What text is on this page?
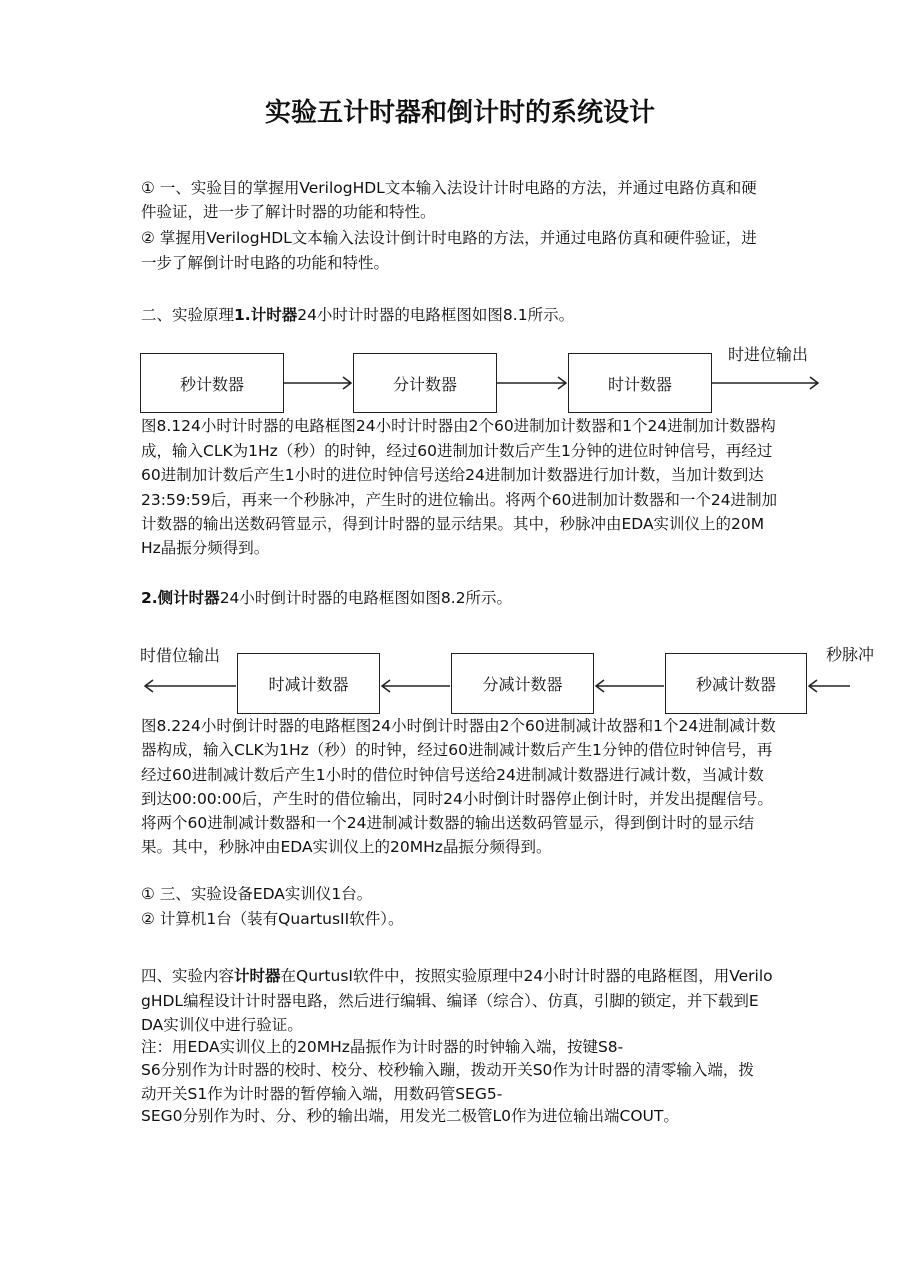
实验五计时器和倒计时的系统设计
① 一、实验目的掌握用VerilogHDL文本输入法设计计时电路的方法，并通过电路仿真和硬
件验证，进一步了解计时器的功能和特性。
② 掌握用VerilogHDL文本输入法设计倒计时电路的方法，并通过电路仿真和硬件验证，进
一步了解倒计时电路的功能和特性。
二、实验原理1.计时器24小时计时器的电路框图如图8.1所示。
秒计数器	分计数器	时计数器
时进位输出
图8.124小时计时器的电路框图24小时计时器由2个60进制加计数器和1个24进制加计数器构
成，输入CLK为1Hz（秒）的时钟，经过60进制加计数后产生1分钟的进位时钟信号，再经过
60进制加计数后产生1小时的进位时钟信号送给24进制加计数器进行加计数，当加计数到达
23:59:59后，再来一个秒脉冲，产生时的进位输出。将两个60进制加计数器和一个24进制加
计数器的输出送数码管显示，得到计时器的显示结果。其中，秒脉冲由EDA实训仪上的20M
Hz晶振分频得到。
2.侧计时器24小时倒计时器的电路框图如图8.2所示。
时借位输出
时减计数器	分减计数器	秒减计数器
秒脉冲
图8.224小时倒计时器的电路框图24小时倒计时器由2个60进制减计故器和1个24进制减计数
器构成，输入CLK为1Hz（秒）的时钟，经过60进制减计数后产生1分钟的借位时钟信号，再
经过60进制减计数后产生1小时的借位时钟信号送给24进制减计数器进行减计数，当减计数
到达00:00:00后，产生时的借位输出，同时24小时倒计时器停止倒计时，并发出提醒信号。
将两个60进制减计数器和一个24进制减计数器的输出送数码管显示，得到倒计时的显示结
果。其中，秒脉冲由EDA实训仪上的20MHz晶振分频得到。
① 三、实验设备EDA实训仪1台。
② 计算机1台（装有QuartusII软件）。
四、实验内容计时器在QurtusI软件中，按照实验原理中24小时计时器的电路框图，用Verilo
gHDL编程设计计时器电路，然后进行编辑、编译（综合）、仿真，引脚的锁定，并下载到E
DA实训仪中进行验证。
注：用EDA实训仪上的20MHz晶振作为计时器的时钟输入端，按键S8-
S6分别作为计时器的校时、校分、校秒输入蹦，拨动开关S0作为计时器的清零输入端，拨
动开关S1作为计时器的暂停输入端，用数码管SEG5-
SEG0分别作为时、分、秒的输出端，用发光二极管L0作为进位输出端COUT。
